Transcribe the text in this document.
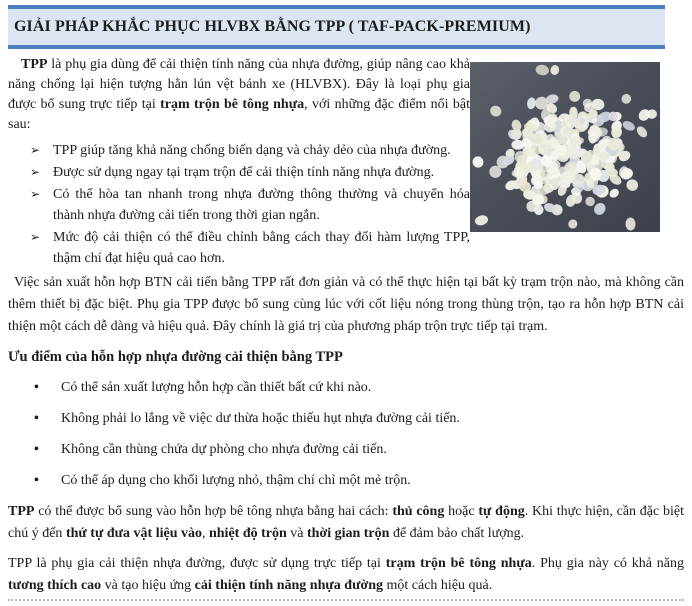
GIẢI PHÁP KHẮC PHỤC HLVBX BẰNG TPP ( TAF-PACK-PREMIUM)

TPP là phụ gia dùng để cải thiện tính năng của nhựa đường, giúp nâng cao khả năng chống lại hiện tượng hằn lún vệt bánh xe (HLVBX). Đây là loại phụ gia được bổ sung trực tiếp tại trạm trộn bê tông nhựa, với những đặc điểm nổi bật sau:

➢ TPP giúp tăng khả năng chống biến dạng và chảy dẻo của nhựa đường.
➢ Được sử dụng ngay tại trạm trộn để cải thiện tính năng nhựa đường.
➢ Có thể hòa tan nhanh trong nhựa đường thông thường và chuyển hóa thành nhựa đường cải tiến trong thời gian ngắn.
➢ Mức độ cải thiện có thể điều chỉnh bằng cách thay đổi hàm lượng TPP, thậm chí đạt hiệu quả cao hơn.

Việc sản xuất hỗn hợp BTN cải tiến bằng TPP rất đơn giản và có thể thực hiện tại bất kỳ trạm trộn nào, mà không cần thêm thiết bị đặc biệt. Phụ gia TPP được bổ sung cùng lúc với cốt liệu nóng trong thùng trộn, tạo ra hỗn hợp BTN cải thiện một cách dễ dàng và hiệu quả. Đây chính là giá trị của phương pháp trộn trực tiếp tại trạm.

Ưu điểm của hỗn hợp nhựa đường cải thiện bằng TPP

•	Có thể sản xuất lượng hỗn hợp cần thiết bất cứ khi nào.
•	Không phải lo lắng về việc dư thừa hoặc thiếu hụt nhựa đường cải tiến.
•	Không cần thùng chứa dự phòng cho nhựa đường cải tiến.
•	Có thể áp dụng cho khối lượng nhỏ, thậm chí chỉ một mẻ trộn.

TPP có thể được bổ sung vào hỗn hợp bê tông nhựa bằng hai cách: thủ công hoặc tự động. Khi thực hiện, cần đặc biệt chú ý đến thứ tự đưa vật liệu vào, nhiệt độ trộn và thời gian trộn để đảm bảo chất lượng.

TPP là phụ gia cải thiện nhựa đường, được sử dụng trực tiếp tại trạm trộn bê tông nhựa. Phụ gia này có khả năng tương thích cao và tạo hiệu ứng cải thiện tính năng nhựa đường một cách hiệu quả.
